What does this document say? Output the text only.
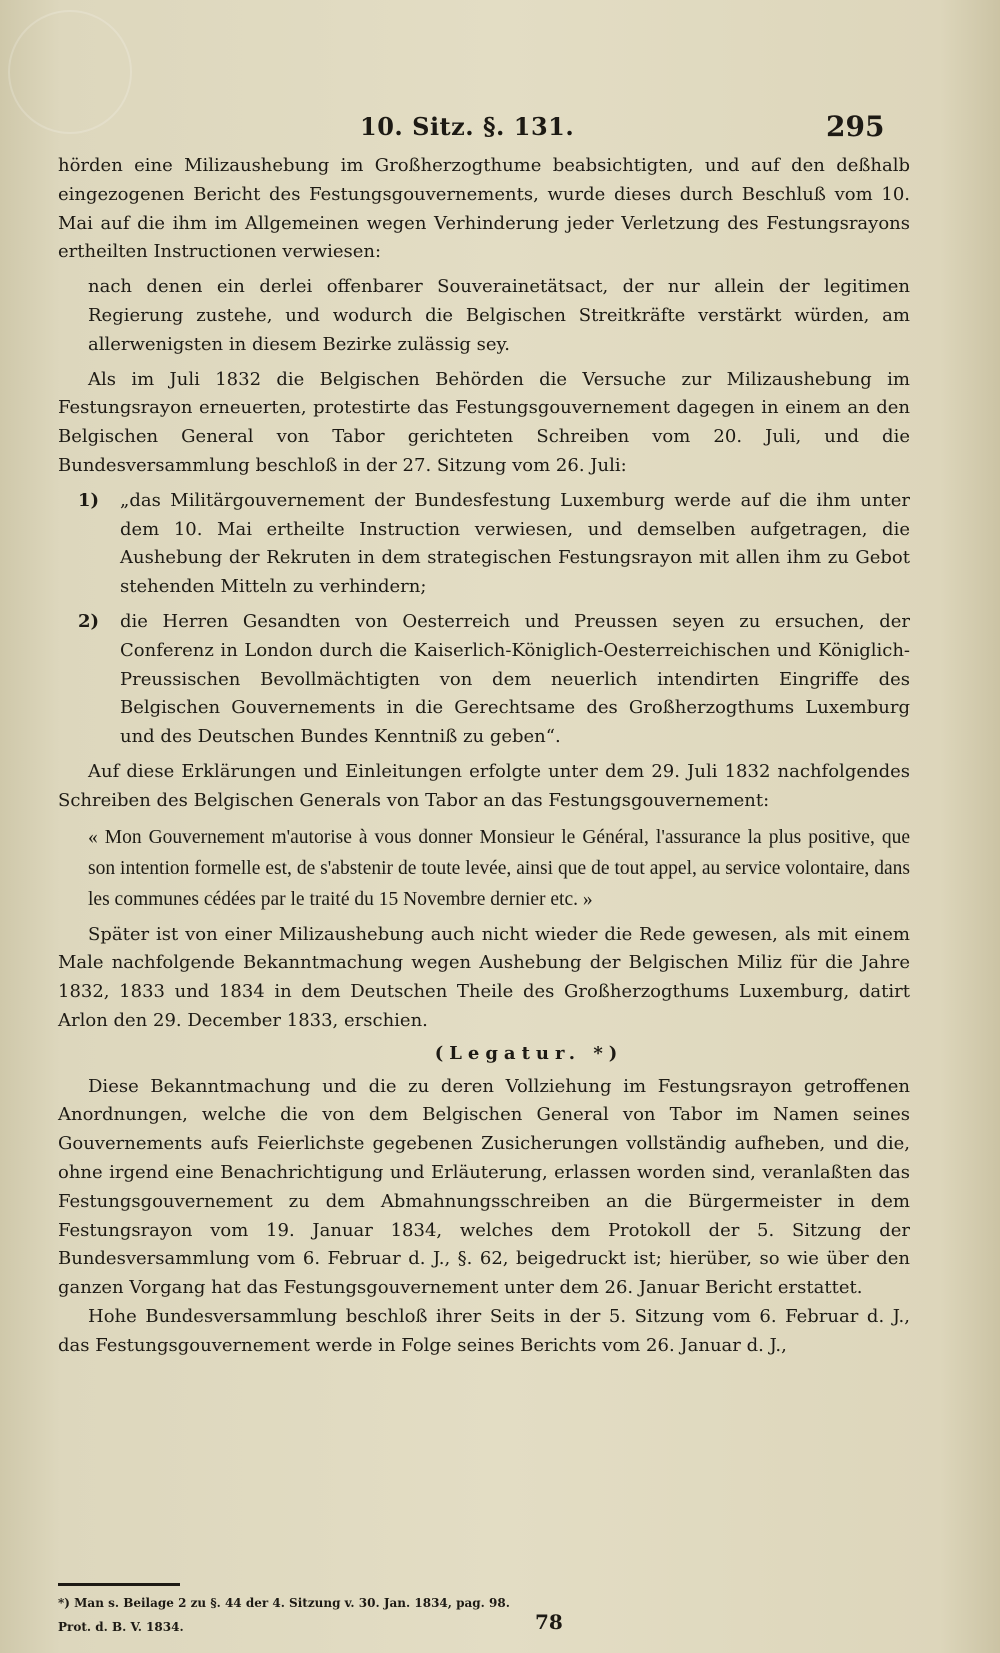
10. Sitz. §. 131.	295

hörden eine Milizaushebung im Großherzogthume beabsichtigten, und auf den deßhalb eingezogenen Bericht des Festungsgouvernements, wurde dieses durch Beschluß vom 10. Mai auf die ihm im Allgemeinen wegen Verhinderung jeder Verletzung des Festungsrayons ertheilten Instructionen verwiesen:

nach denen ein derlei offenbarer Souverainetätsact, der nur allein der legitimen Regierung zustehe, und wodurch die Belgischen Streitkräfte verstärkt würden, am allerwenigsten in diesem Bezirke zulässig sey.

Als im Juli 1832 die Belgischen Behörden die Versuche zur Milizaushebung im Festungsrayon erneuerten, protestirte das Festungsgouvernement dagegen in einem an den Belgischen General von Tabor gerichteten Schreiben vom 20. Juli, und die Bundesversammlung beschloß in der 27. Sitzung vom 26. Juli:

1)	„das Militärgouvernement der Bundesfestung Luxemburg werde auf die ihm unter dem 10. Mai ertheilte Instruction verwiesen, und demselben aufgetragen, die Aushebung der Rekruten in dem strategischen Festungsrayon mit allen ihm zu Gebot stehenden Mitteln zu verhindern;

2)	die Herren Gesandten von Oesterreich und Preussen seyen zu ersuchen, der Conferenz in London durch die Kaiserlich-Königlich-Oesterreichischen und Königlich-Preussischen Bevollmächtigten von dem neuerlich intendirten Eingriffe des Belgischen Gouvernements in die Gerechtsame des Großherzogthums Luxemburg und des Deutschen Bundes Kenntniß zu geben“.

Auf diese Erklärungen und Einleitungen erfolgte unter dem 29. Juli 1832 nachfolgendes Schreiben des Belgischen Generals von Tabor an das Festungsgouvernement:

« Mon Gouvernement m'autorise à vous donner Monsieur le Général, l'assurance la plus positive, que son intention formelle est, de s'abstenir de toute levée, ainsi que de tout appel, au service volontaire, dans les communes cédées par le traité du 15 Novembre dernier etc. »

Später ist von einer Milizaushebung auch nicht wieder die Rede gewesen, als mit einem Male nachfolgende Bekanntmachung wegen Aushebung der Belgischen Miliz für die Jahre 1832, 1833 und 1834 in dem Deutschen Theile des Großherzogthums Luxemburg, datirt Arlon den 29. December 1833, erschien.

(Legatur. *)

Diese Bekanntmachung und die zu deren Vollziehung im Festungsrayon getroffenen Anordnungen, welche die von dem Belgischen General von Tabor im Namen seines Gouvernements aufs Feierlichste gegebenen Zusicherungen vollständig aufheben, und die, ohne irgend eine Benachrichtigung und Erläuterung, erlassen worden sind, veranlaßten das Festungsgouvernement zu dem Abmahnungsschreiben an die Bürgermeister in dem Festungsrayon vom 19. Januar 1834, welches dem Protokoll der 5. Sitzung der Bundesversammlung vom 6. Februar d. J., §. 62, beigedruckt ist; hierüber, so wie über den ganzen Vorgang hat das Festungsgouvernement unter dem 26. Januar Bericht erstattet.

Hohe Bundesversammlung beschloß ihrer Seits in der 5. Sitzung vom 6. Februar d. J., das Festungsgouvernement werde in Folge seines Berichts vom 26. Januar d. J.,

*) Man s. Beilage 2 zu §. 44 der 4. Sitzung v. 30. Jan. 1834, pag. 98.
Prot. d. B. V. 1834.	78
